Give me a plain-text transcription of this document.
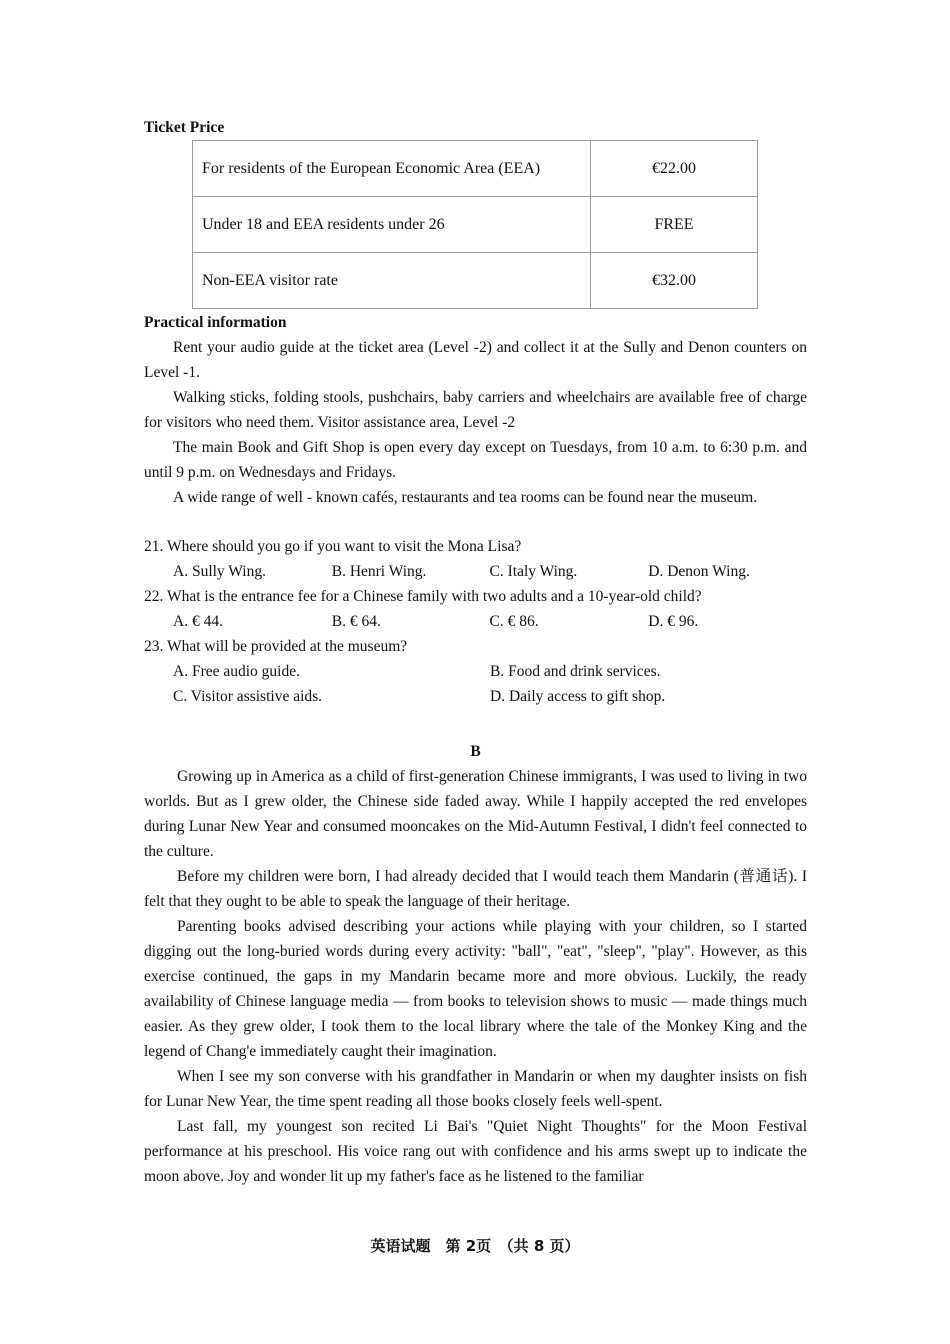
Ticket Price
For residents of the European Economic Area (EEA)	€22.00
Under 18 and EEA residents under 26	FREE
Non-EEA visitor rate	€32.00
Practical information

Rent your audio guide at the ticket area (Level -2) and collect it at the Sully and Denon counters on Level -1.

Walking sticks, folding stools, pushchairs, baby carriers and wheelchairs are available free of charge for visitors who need them. Visitor assistance area, Level -2

The main Book and Gift Shop is open every day except on Tuesdays, from 10 a.m. to 6:30 p.m. and until 9 p.m. on Wednesdays and Fridays.

A wide range of well - known cafés, restaurants and tea rooms can be found near the museum.

21. Where should you go if you want to visit the Mona Lisa?
A. Sully Wing.	B. Henri Wing.	C. Italy Wing.	D. Denon Wing.
22. What is the entrance fee for a Chinese family with two adults and a 10-year-old child?
A. € 44.	B. € 64.	C. € 86.	D. € 96.
23. What will be provided at the museum?
A. Free audio guide.	B. Food and drink services.
C. Visitor assistive aids.	D. Daily access to gift shop.
B

Growing up in America as a child of first-generation Chinese immigrants, I was used to living in two worlds. But as I grew older, the Chinese side faded away. While I happily accepted the red envelopes during Lunar New Year and consumed mooncakes on the Mid-Autumn Festival, I didn't feel connected to the culture.

Before my children were born, I had already decided that I would teach them Mandarin (普通话). I felt that they ought to be able to speak the language of their heritage.

Parenting books advised describing your actions while playing with your children, so I started digging out the long-buried words during every activity: "ball", "eat", "sleep", "play". However, as this exercise continued, the gaps in my Mandarin became more and more obvious. Luckily, the ready availability of Chinese language media — from books to television shows to music — made things much easier. As they grew older, I took them to the local library where the tale of the Monkey King and the legend of Chang'e immediately caught their imagination.

When I see my son converse with his grandfather in Mandarin or when my daughter insists on fish for Lunar New Year, the time spent reading all those books closely feels well-spent.

Last fall, my youngest son recited Li Bai's "Quiet Night Thoughts" for the Moon Festival performance at his preschool. His voice rang out with confidence and his arms swept up to indicate the moon above. Joy and wonder lit up my father's face as he listened to the familiar

英语试题　第 2页　（共 8 页）
